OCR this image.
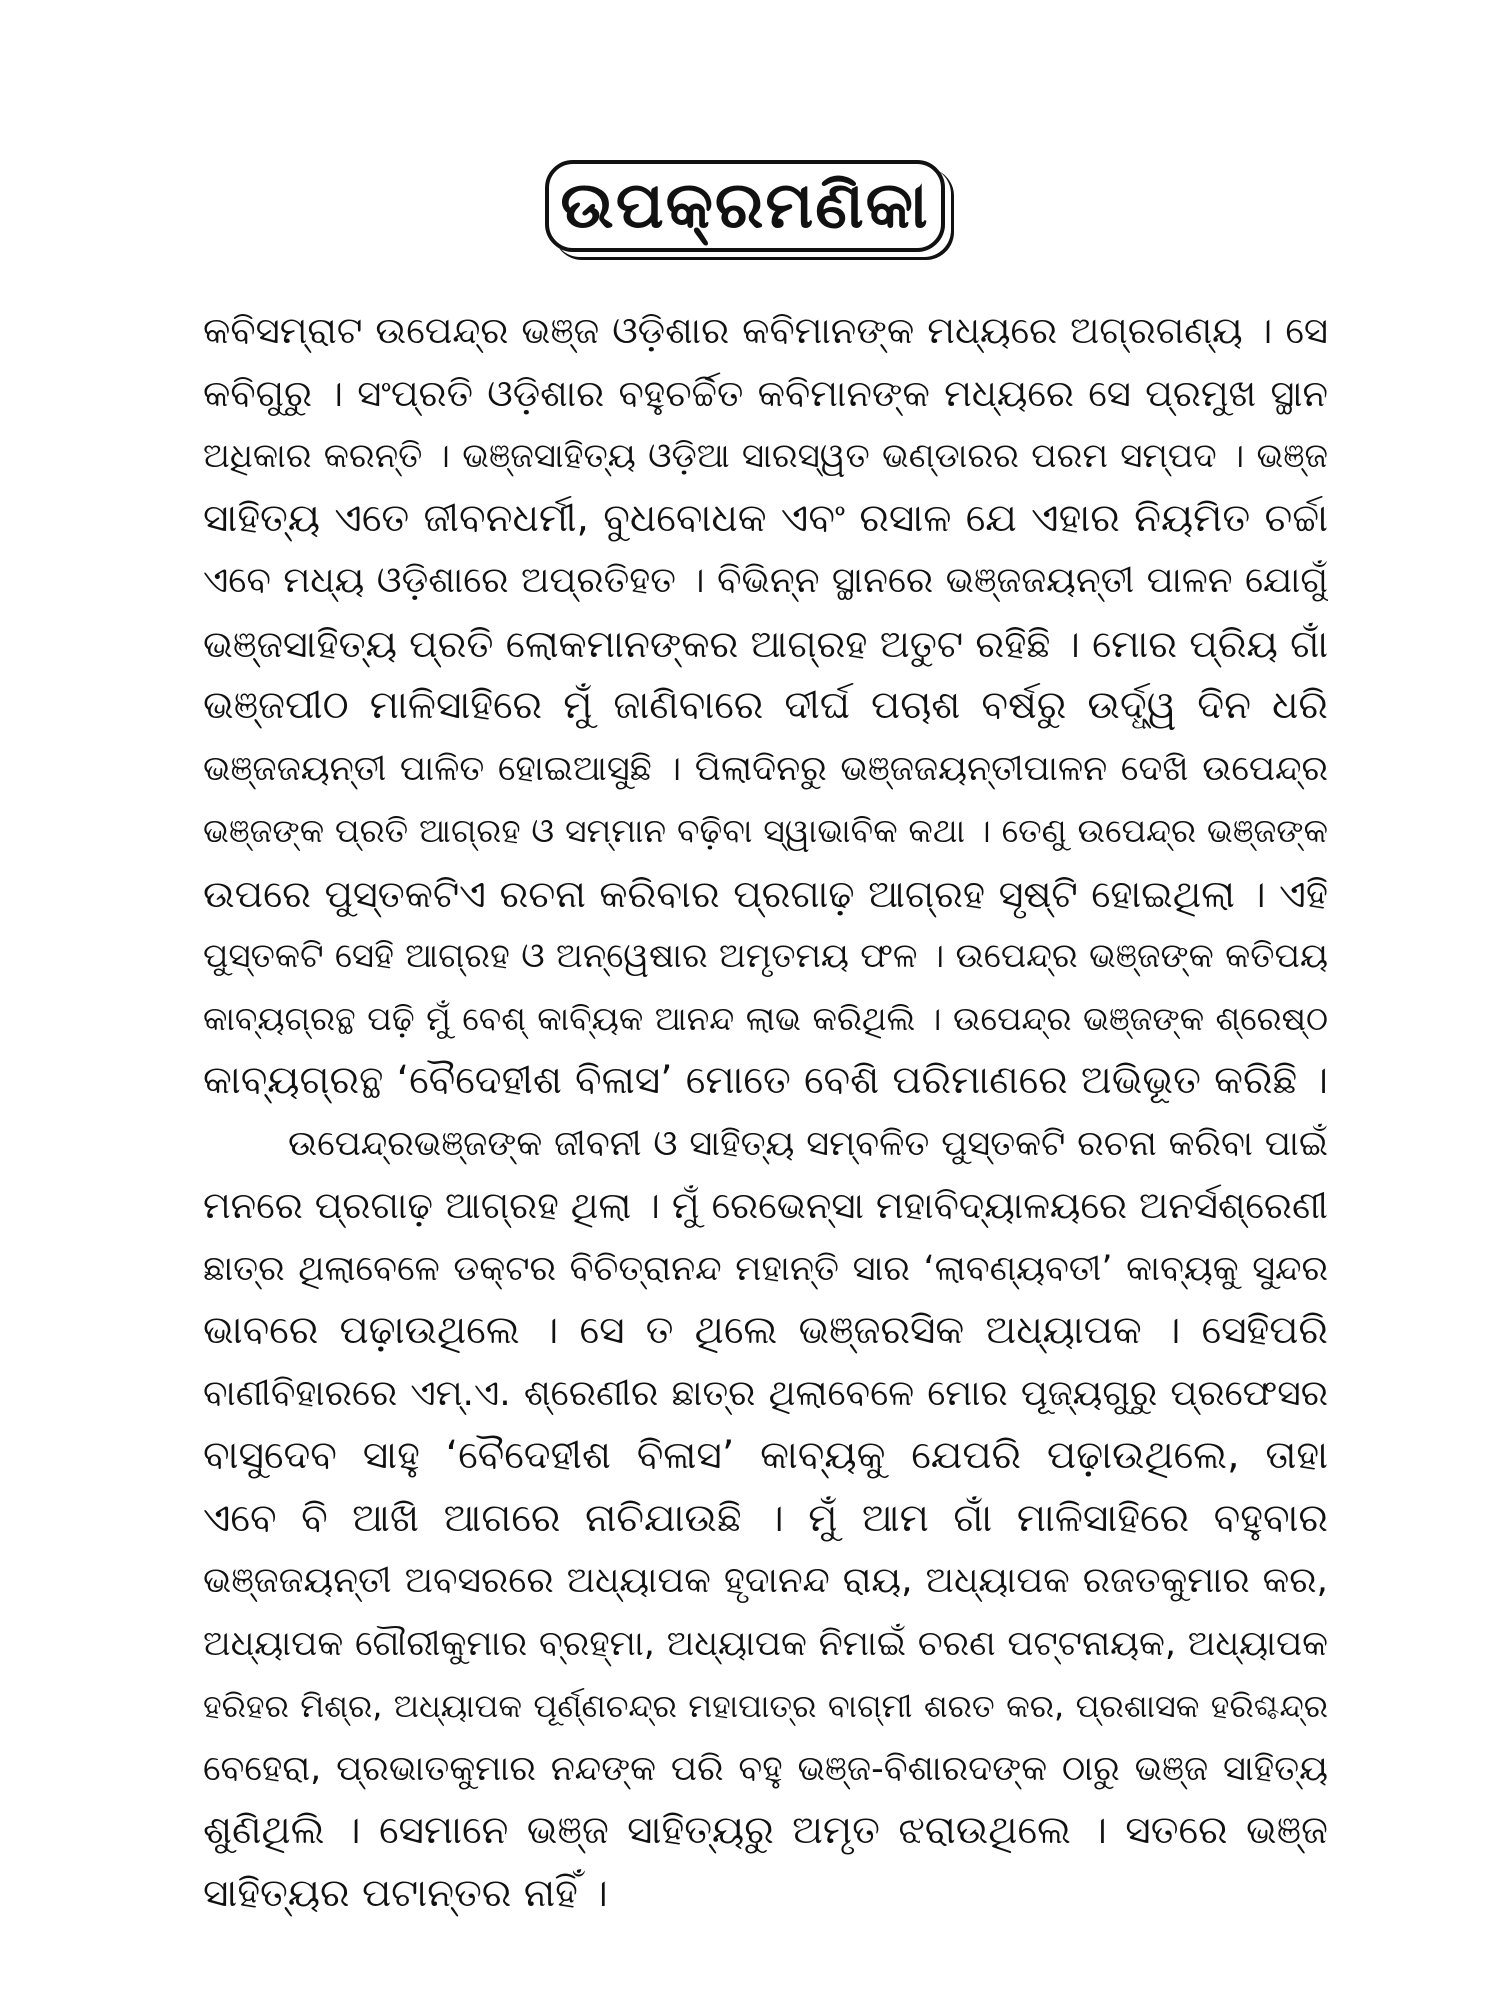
ଉପକ୍ରମଣିକା
କବିସମ୍ରାଟ ଉପେନ୍ଦ୍ର ଭଞ୍ଜ ଓଡ଼ିଶାର କବିମାନଙ୍କ ମଧ୍ୟରେ ଅଗ୍ରଗଣ୍ୟ । ସେ
କବିଗୁରୁ । ସଂପ୍ରତି ଓଡ଼ିଶାର ବହୁଚର୍ଚ୍ଚିତ କବିମାନଙ୍କ ମଧ୍ୟରେ ସେ ପ୍ରମୁଖ ସ୍ଥାନ
ଅଧିକାର କରନ୍ତି । ଭଞ୍ଜସାହିତ୍ୟ ଓଡ଼ିଆ ସାରସ୍ୱତ ଭଣ୍ଡାରର ପରମ ସମ୍ପଦ । ଭଞ୍ଜ
ସାହିତ୍ୟ ଏତେ ଜୀବନଧର୍ମୀ, ବୁଧବୋଧକ ଏବଂ ରସାଳ ଯେ ଏହାର ନିୟମିତ ଚର୍ଚ୍ଚା
ଏବେ ମଧ୍ୟ ଓଡ଼ିଶାରେ ଅପ୍ରତିହତ । ବିଭିନ୍ନ ସ୍ଥାନରେ ଭଞ୍ଜଜୟନ୍ତୀ ପାଳନ ଯୋଗୁଁ
ଭଞ୍ଜସାହିତ୍ୟ ପ୍ରତି ଲୋକମାନଙ୍କର ଆଗ୍ରହ ଅତୁଟ ରହିଛି । ମୋର ପ୍ରିୟ ଗାଁ
ଭଞ୍ଜପୀଠ ମାଳିସାହିରେ ମୁଁ ଜାଣିବାରେ ଦୀର୍ଘ ପଚାଶ ବର୍ଷରୁ ଉର୍ଦ୍ଧ୍ୱ ଦିନ ଧରି
ଭଞ୍ଜଜୟନ୍ତୀ ପାଳିତ ହୋଇଆସୁଛି । ପିଲାଦିନରୁ ଭଞ୍ଜଜୟନ୍ତୀପାଳନ ଦେଖି ଉପେନ୍ଦ୍ର
ଭଞ୍ଜଙ୍କ ପ୍ରତି ଆଗ୍ରହ ଓ ସମ୍ମାନ ବଢ଼ିବା ସ୍ୱାଭାବିକ କଥା । ତେଣୁ ଉପେନ୍ଦ୍ର ଭଞ୍ଜଙ୍କ
ଉପରେ ପୁସ୍ତକଟିଏ ରଚନା କରିବାର ପ୍ରଗାଢ଼ ଆଗ୍ରହ ସୃଷ୍ଟି ହୋଇଥିଲା । ଏହି
ପୁସ୍ତକଟି ସେହି ଆଗ୍ରହ ଓ ଅନ୍ୱେଷାର ଅମୃତମୟ ଫଳ । ଉପେନ୍ଦ୍ର ଭଞ୍ଜଙ୍କ କତିପୟ
କାବ୍ୟଗ୍ରନ୍ଥ ପଢ଼ି ମୁଁ ବେଶ୍ କାବ୍ୟିକ ଆନନ୍ଦ ଲାଭ କରିଥିଲି । ଉପେନ୍ଦ୍ର ଭଞ୍ଜଙ୍କ ଶ୍ରେଷ୍ଠ
କାବ୍ୟଗ୍ରନ୍ଥ ‘ବୈଦେହୀଶ ବିଳାସ’ ମୋତେ ବେଶି ପରିମାଣରେ ଅଭିଭୂତ କରିଛି ।
ଉପେନ୍ଦ୍ରଭଞ୍ଜଙ୍କ ଜୀବନୀ ଓ ସାହିତ୍ୟ ସମ୍ବଳିତ ପୁସ୍ତକଟି ରଚନା କରିବା ପାଇଁ
ମନରେ ପ୍ରଗାଢ଼ ଆଗ୍ରହ ଥିଲା । ମୁଁ ରେଭେନ୍ସା ମହାବିଦ୍ୟାଳୟରେ ଅନର୍ସଶ୍ରେଣୀ
ଛାତ୍ର ଥିଲାବେଳେ ଡକ୍ଟର ବିଚିତ୍ରାନନ୍ଦ ମହାନ୍ତି ସାର ‘ଲାବଣ୍ୟବତୀ’ କାବ୍ୟକୁ ସୁନ୍ଦର
ଭାବରେ ପଢ଼ାଉଥିଲେ । ସେ ତ ଥିଲେ ଭଞ୍ଜରସିକ ଅଧ୍ୟାପକ । ସେହିପରି
ବାଣୀବିହାରରେ ଏମ୍.ଏ. ଶ୍ରେଣୀର ଛାତ୍ର ଥିଲାବେଳେ ମୋର ପୂଜ୍ୟଗୁରୁ ପ୍ରଫେସର
ବାସୁଦେବ ସାହୁ ‘ବୈଦେହୀଶ ବିଳାସ’ କାବ୍ୟକୁ ଯେପରି ପଢ଼ାଉଥିଲେ, ତାହା
ଏବେ ବି ଆଖି ଆଗରେ ନାଚିଯାଉଛି । ମୁଁ ଆମ ଗାଁ ମାଳିସାହିରେ ବହୁବାର
ଭଞ୍ଜଜୟନ୍ତୀ ଅବସରରେ ଅଧ୍ୟାପକ ହୃଦାନନ୍ଦ ରାୟ, ଅଧ୍ୟାପକ ରଜତକୁମାର କର,
ଅଧ୍ୟାପକ ଗୌରୀକୁମାର ବ୍ରହ୍ମା, ଅଧ୍ୟାପକ ନିମାଇଁ ଚରଣ ପଟ୍ଟନାୟକ, ଅଧ୍ୟାପକ
ହରିହର ମିଶ୍ର, ଅଧ୍ୟାପକ ପୂର୍ଣ୍ଣଚନ୍ଦ୍ର ମହାପାତ୍ର ବାଗ୍ମୀ ଶରତ କର, ପ୍ରଶାସକ ହରିଶ୍ଚନ୍ଦ୍ର
ବେହେରା, ପ୍ରଭାତକୁମାର ନନ୍ଦଙ୍କ ପରି ବହୁ ଭଞ୍ଜ-ବିଶାରଦଙ୍କ ଠାରୁ ଭଞ୍ଜ ସାହିତ୍ୟ
ଶୁଣିଥିଲି । ସେମାନେ ଭଞ୍ଜ ସାହିତ୍ୟରୁ ଅମୃତ ଝରାଉଥିଲେ । ସତରେ ଭଞ୍ଜ
ସାହିତ୍ୟର ପଟାନ୍ତର ନାହିଁ ।
